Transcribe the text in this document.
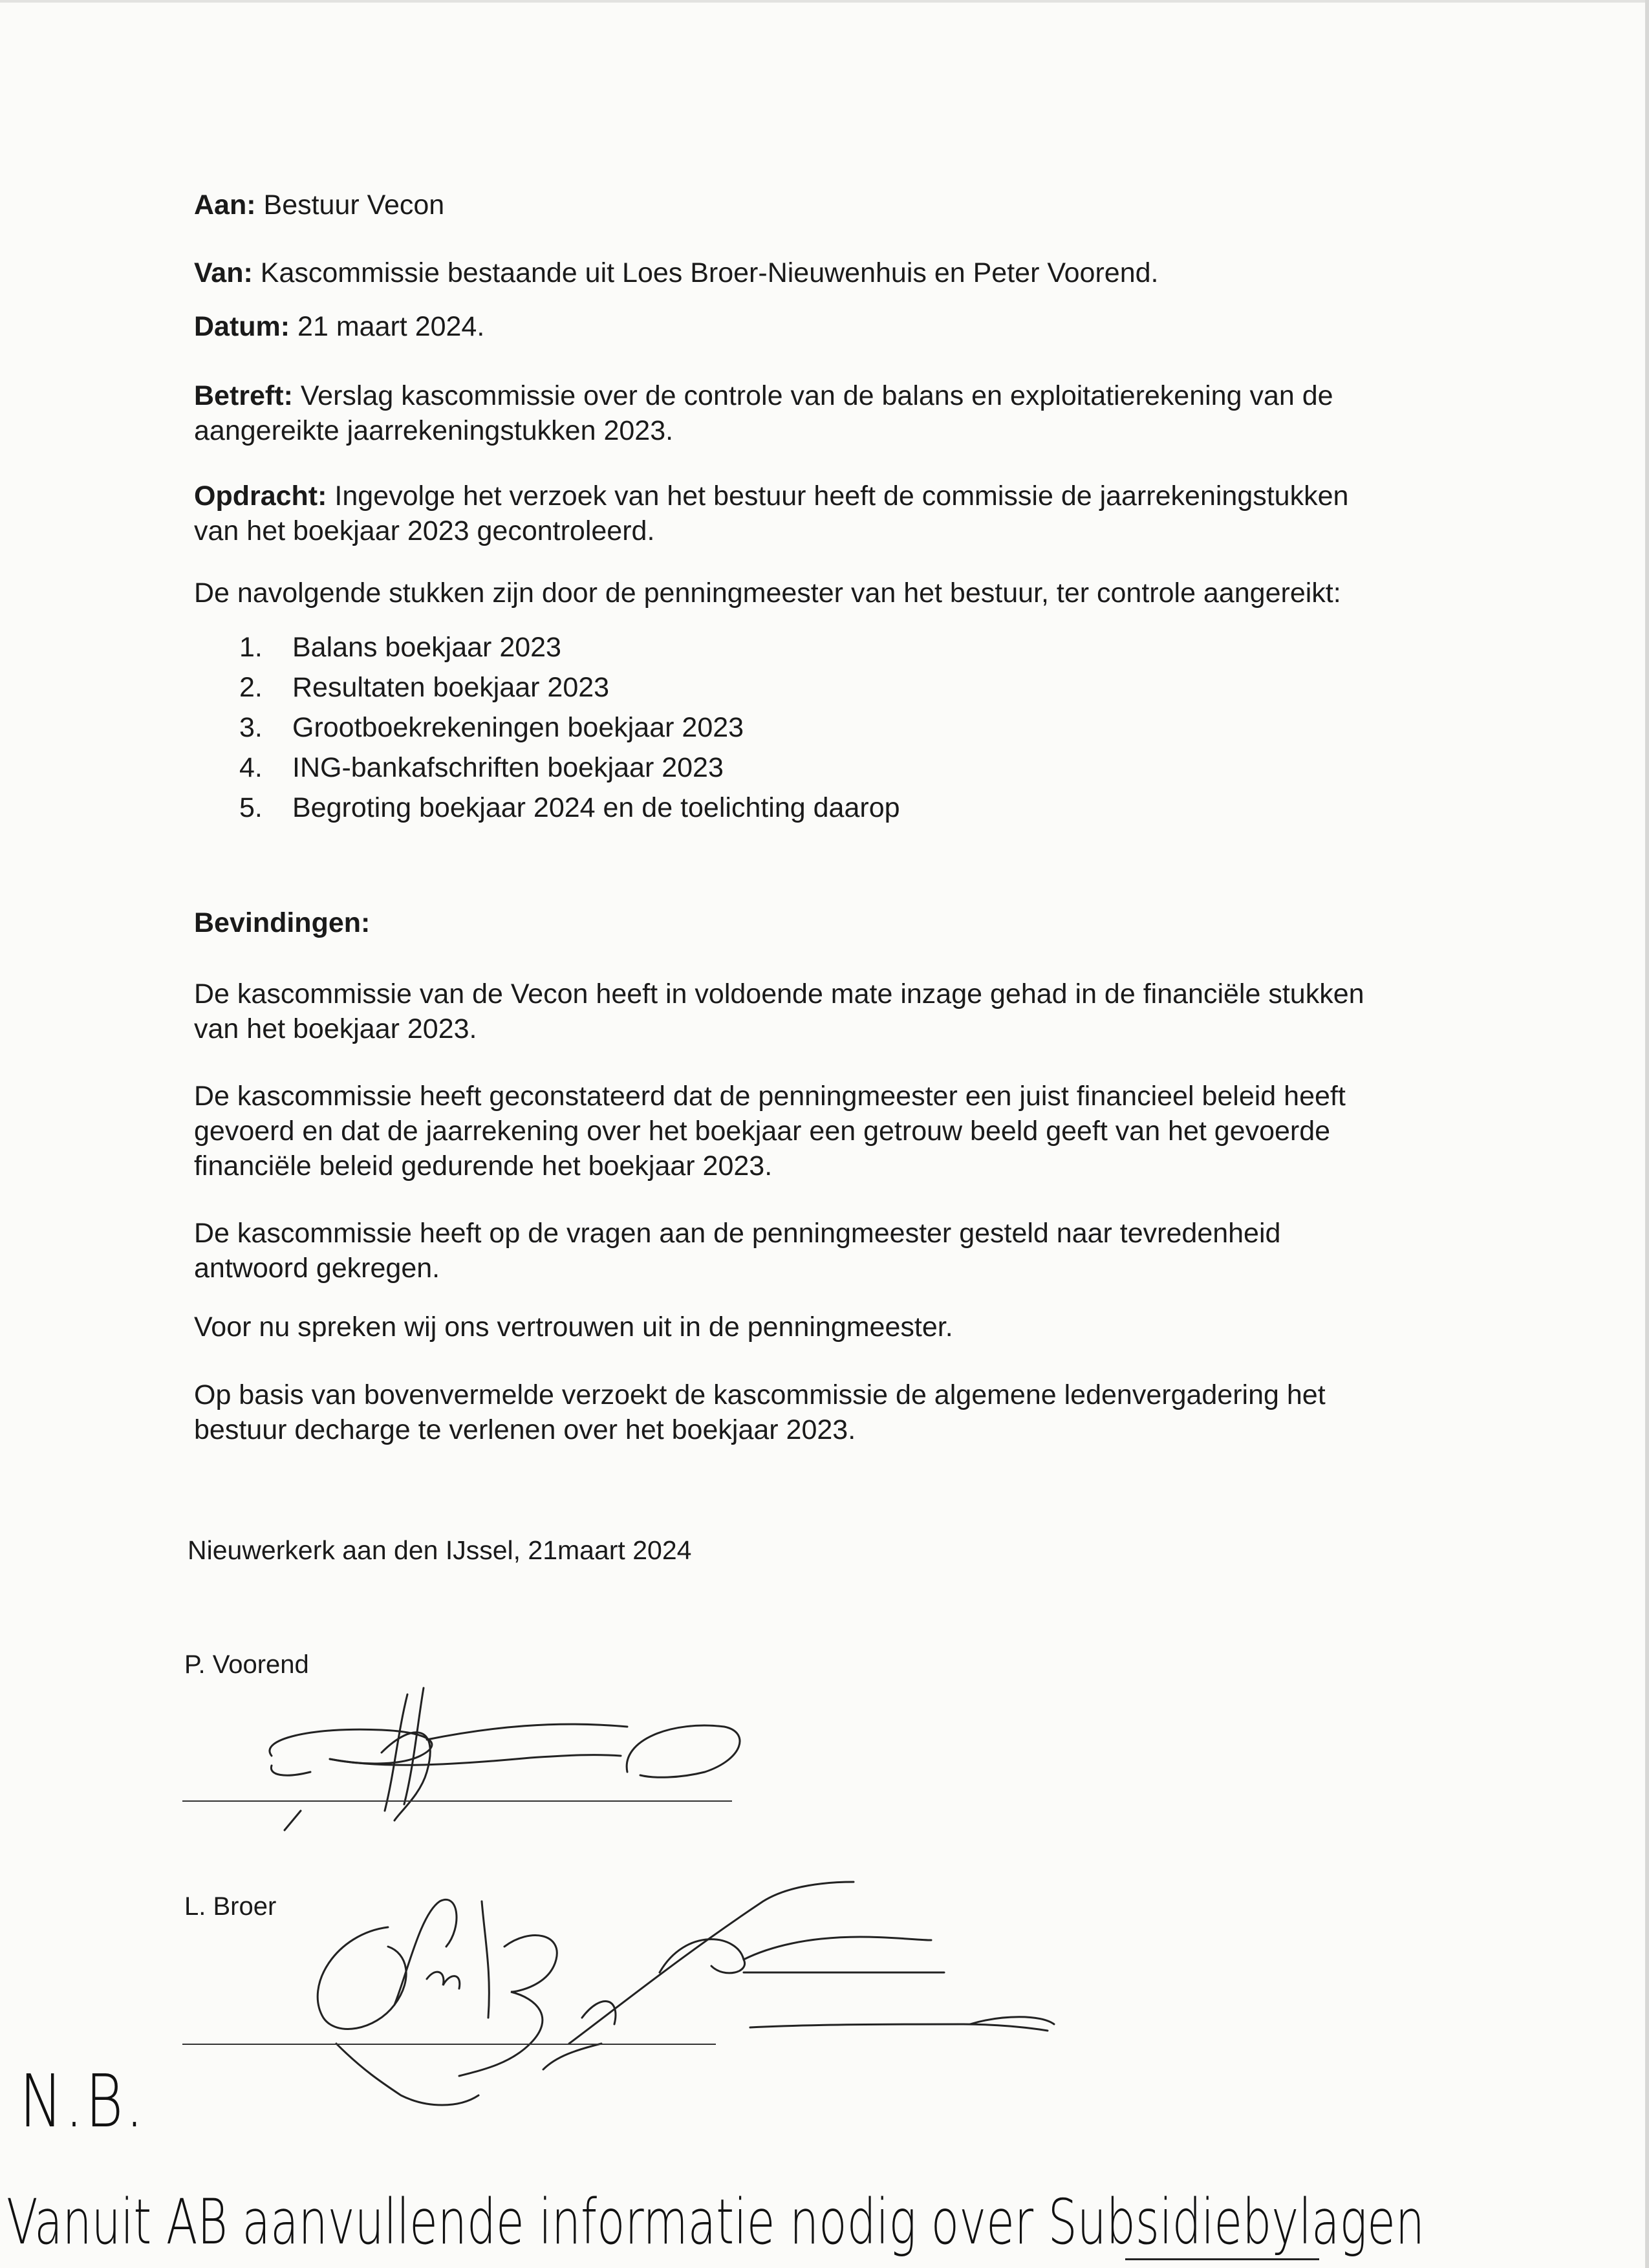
Aan: Bestuur Vecon
Van: Kascommissie bestaande uit Loes Broer-Nieuwenhuis en Peter Voorend.
Datum: 21 maart 2024.
Betreft: Verslag kascommissie over de controle van de balans en exploitatierekening van de
aangereikte jaarrekeningstukken 2023.
Opdracht: Ingevolge het verzoek van het bestuur heeft de commissie de jaarrekeningstukken
van het boekjaar 2023 gecontroleerd.
De navolgende stukken zijn door de penningmeester van het bestuur, ter controle aangereikt:
1. Balans boekjaar 2023
2. Resultaten boekjaar 2023
3. Grootboekrekeningen boekjaar 2023
4. ING-bankafschriften boekjaar 2023
5. Begroting boekjaar 2024 en de toelichting daarop
Bevindingen:
De kascommissie van de Vecon heeft in voldoende mate inzage gehad in de financiële stukken
van het boekjaar 2023.
De kascommissie heeft geconstateerd dat de penningmeester een juist financieel beleid heeft
gevoerd en dat de jaarrekening over het boekjaar een getrouw beeld geeft van het gevoerde
financiële beleid gedurende het boekjaar 2023.
De kascommissie heeft op de vragen aan de penningmeester gesteld naar tevredenheid
antwoord gekregen.
Voor nu spreken wij ons vertrouwen uit in de penningmeester.
Op basis van bovenvermelde verzoekt de kascommissie de algemene ledenvergadering het
bestuur decharge te verlenen over het boekjaar 2023.
Nieuwerkerk aan den IJssel, 21maart 2024
P. Voorend
L. Broer
N.B.
Vanuit AB aanvullende informatie nodig over Subsidiebylagen
